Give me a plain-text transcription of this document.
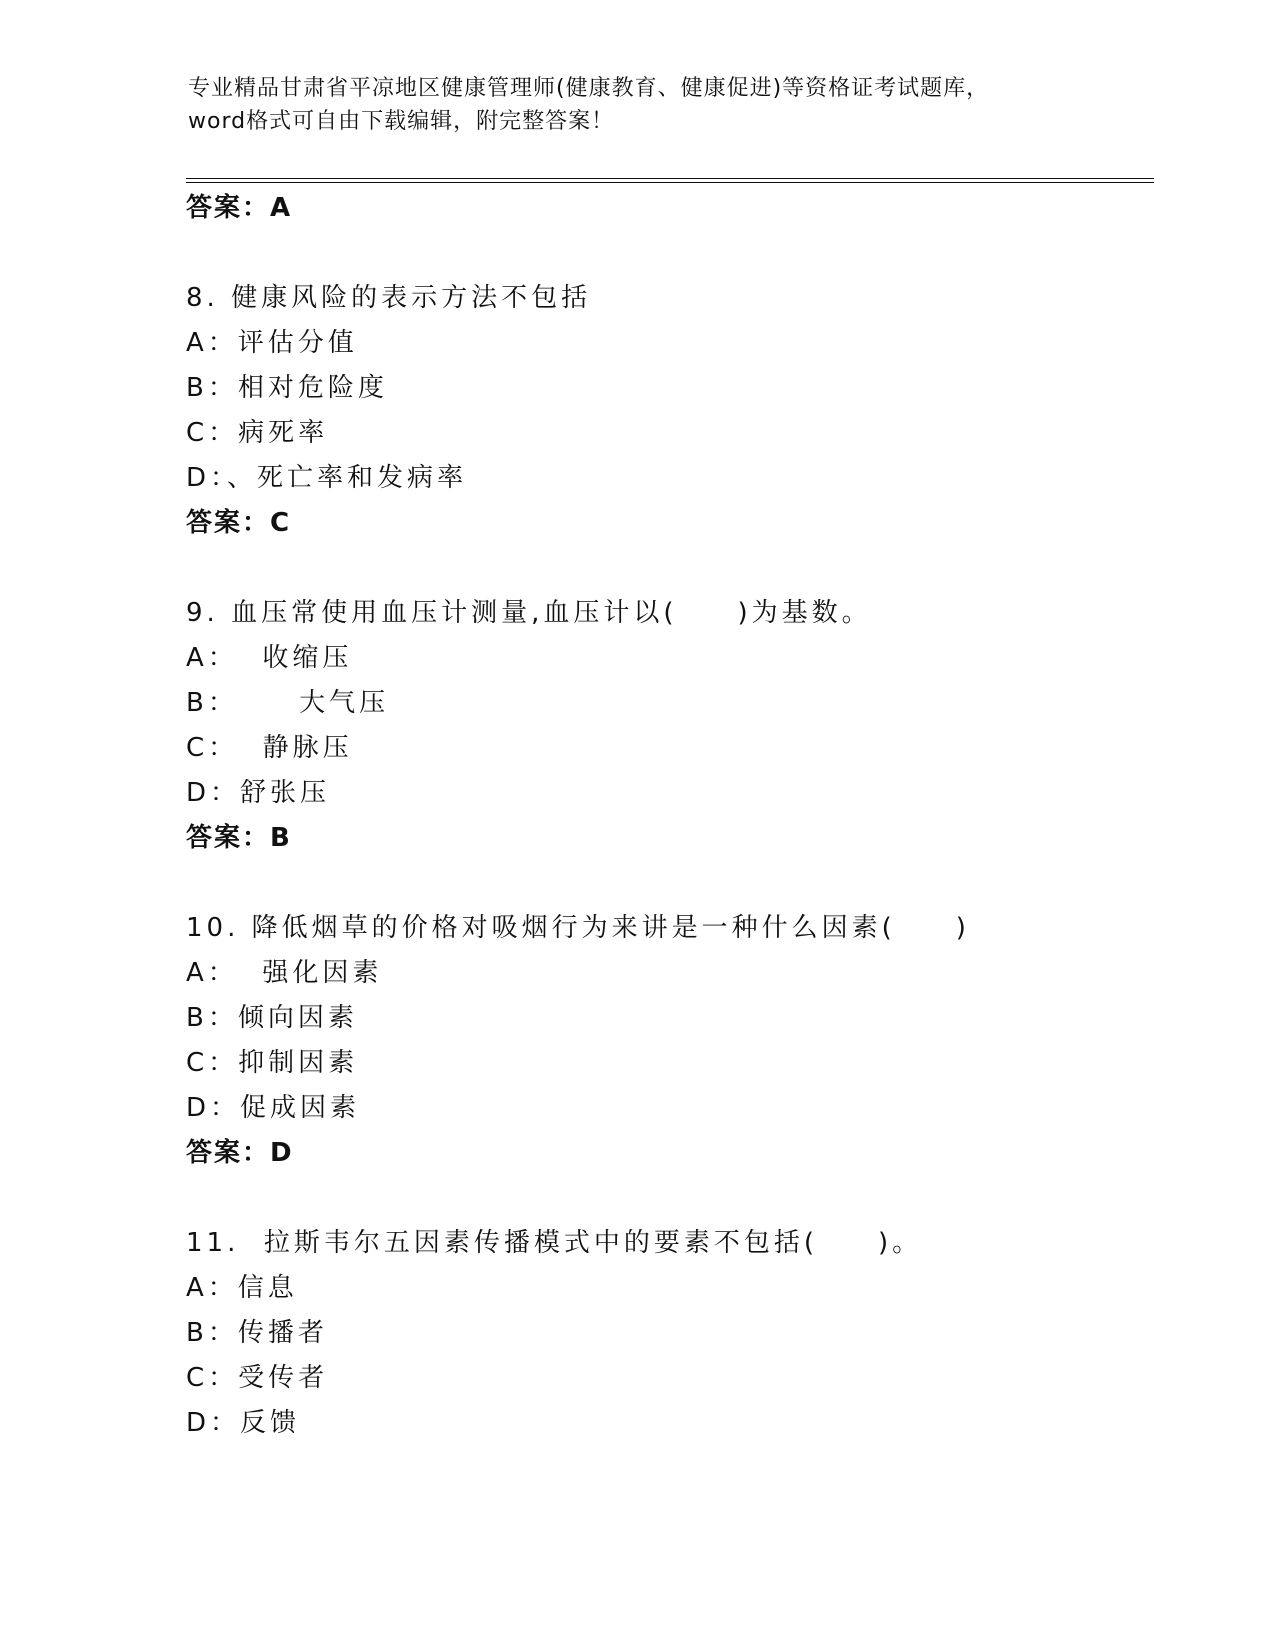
专业精品甘肃省平凉地区健康管理师(健康教育、健康促进)等资格证考试题库，
word格式可自由下载编辑，附完整答案！
答案：A
8. 健康风险的表示方法不包括
A：评估分值
B：相对危险度
C：病死率
D：、死亡率和发病率
答案：C
9. 血压常使用血压计测量,血压计以(　　)为基数。
A：  收缩压
B：     大气压
C：  静脉压
D：舒张压
答案：B
10. 降低烟草的价格对吸烟行为来讲是一种什么因素(　　)
A：  强化因素
B：倾向因素
C：抑制因素
D：促成因素
答案：D
11.  拉斯韦尔五因素传播模式中的要素不包括(　　)。
A：信息
B：传播者
C：受传者
D：反馈
